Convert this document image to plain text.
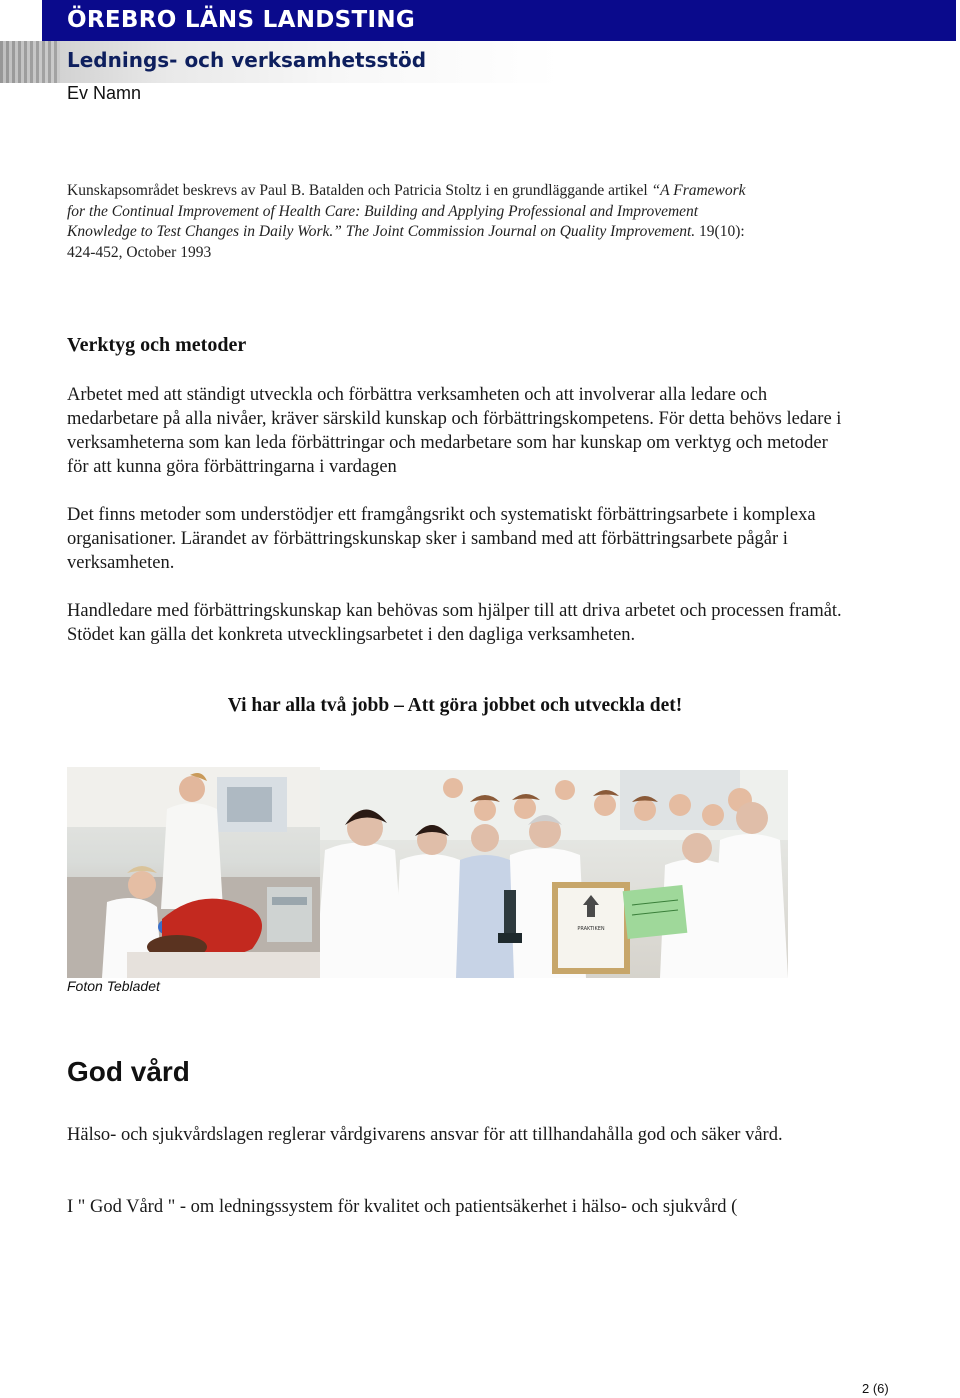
ÖREBRO LÄNS LANDSTING
Lednings- och verksamhetsstöd
Ev Namn
Kunskapsområdet beskrevs av Paul B. Batalden och Patricia Stoltz i en grundläggande artikel “A Framework for the Continual Improvement of Health Care: Building and Applying Professional and Improvement Knowledge to Test Changes in Daily Work.” The Joint Commission Journal on Quality Improvement. 19(10): 424-452, October 1993
Verktyg och metoder
Arbetet med att ständigt utveckla och förbättra verksamheten och att involverar alla ledare och medarbetare på alla nivåer, kräver särskild kunskap och förbättringskompetens. För detta behövs ledare i verksamheterna som kan leda förbättringar och medarbetare som har kunskap om verktyg och metoder för att kunna göra förbättringarna i vardagen
Det finns metoder som understödjer ett framgångsrikt och systematiskt förbättringsarbete i komplexa organisationer. Lärandet av förbättringskunskap sker i samband med att förbättringsarbete pågår i verksamheten.
Handledare med förbättringskunskap kan behövas som hjälper till att driva arbetet och processen framåt. Stödet kan gälla det konkreta utvecklingsarbetet i den dagliga verksamheten.
Vi har alla två jobb – Att göra jobbet och utveckla det!
PRAKTIKEN
Foton Tebladet
God vård
Hälso- och sjukvårdslagen reglerar vårdgivarens ansvar för att tillhandahålla god och säker vård.
I " God Vård " - om ledningssystem för kvalitet och patientsäkerhet i hälso- och sjukvård (
2 (6)
